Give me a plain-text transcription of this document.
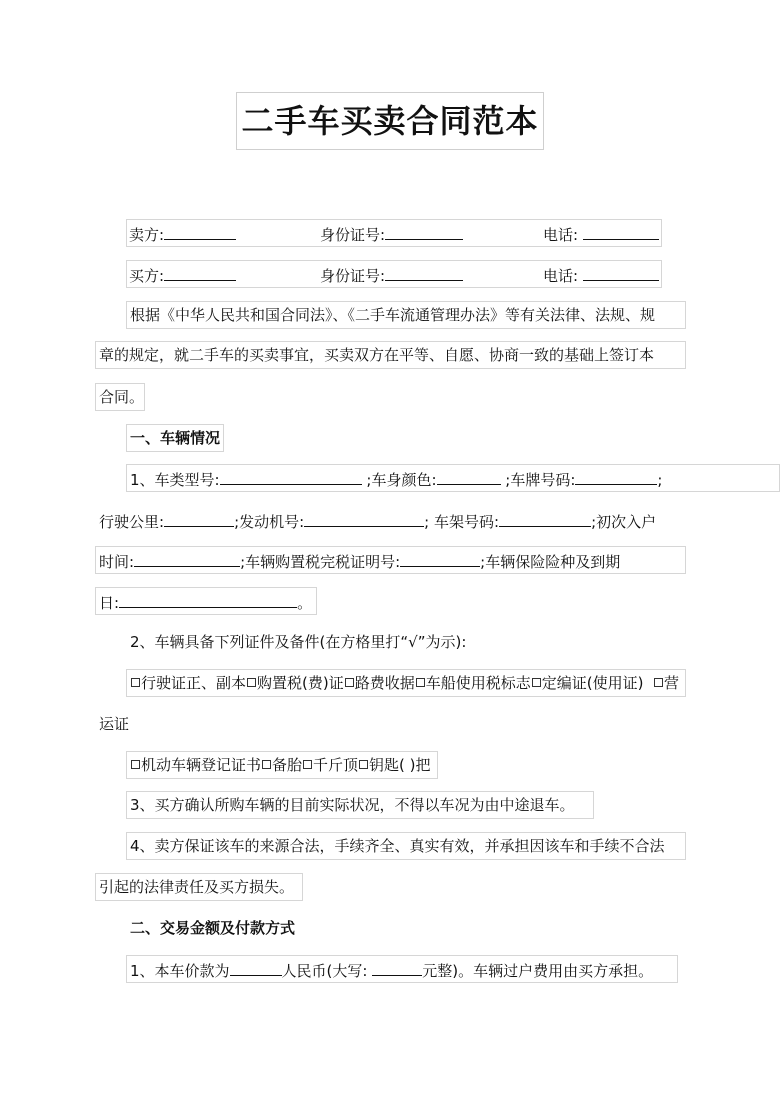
二手车买卖合同范本
卖方:	身份证号:	电话:
买方:	身份证号:	电话:
根据《中华人民共和国合同法》、《二手车流通管理办法》等有关法律、法规、规
章的规定，就二手车的买卖事宜，买卖双方在平等、自愿、协商一致的基础上签订本
合同。
一、车辆情况
1、车类型号:	;车身颜色:	;车牌号码:	;
行驶公里:	;发动机号:	; 车架号码:	;初次入户
时间:	;车辆购置税完税证明号:	;车辆保险险种及到期
日:	。
2、车辆具备下列证件及备件(在方格里打“√”为示):
行驶证正、副本 购置税(费)证 路费收据 车船使用税标志 定编证(使用证) 营
运证
机动车辆登记证书 备胎 千斤顶 钥匙( )把
3、买方确认所购车辆的目前实际状况，不得以车况为由中途退车。
4、卖方保证该车的来源合法，手续齐全、真实有效，并承担因该车和手续不合法
引起的法律责任及买方损失。
二、交易金额及付款方式
1、本车价款为	人民币(大写:	元整)。车辆过户费用由买方承担。
